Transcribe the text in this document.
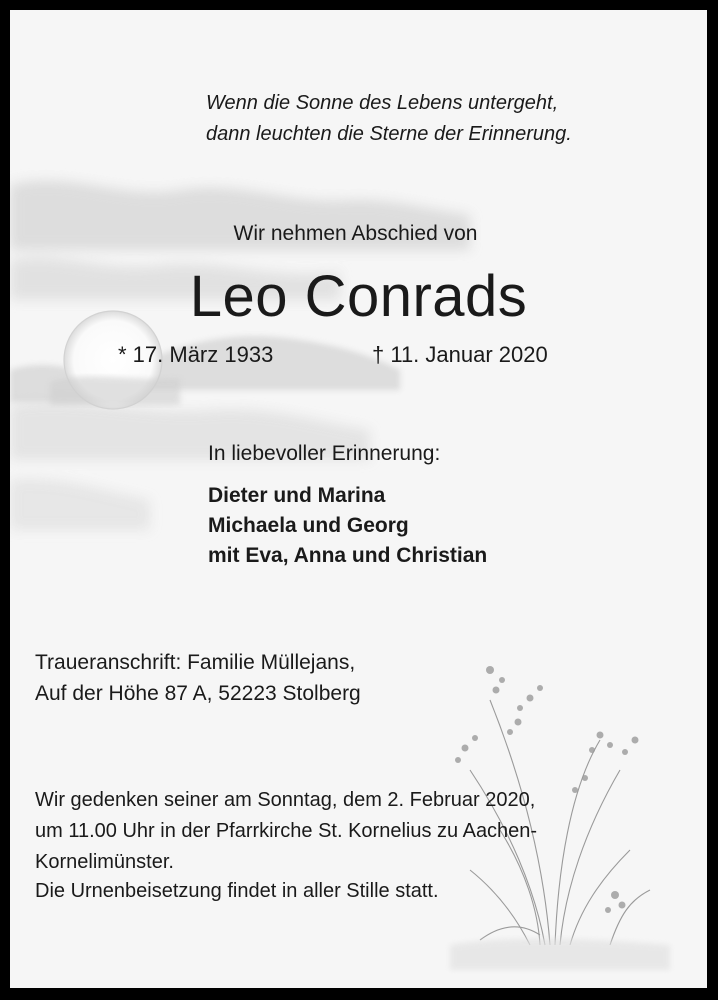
Wenn die Sonne des Lebens untergeht,
dann leuchten die Sterne der Erinnerung.
Wir nehmen Abschied von
Leo Conrads
* 17. März 1933	† 11. Januar 2020
In liebevoller Erinnerung:
Dieter und Marina
Michaela und Georg
mit Eva, Anna und Christian
Traueranschrift: Familie Müllejans,
Auf der Höhe 87 A, 52223 Stolberg
Wir gedenken seiner am Sonntag, dem 2. Februar 2020,
um 11.00 Uhr in der Pfarrkirche St. Kornelius zu Aachen-
Kornelimünster.
Die Urnenbeisetzung findet in aller Stille statt.
